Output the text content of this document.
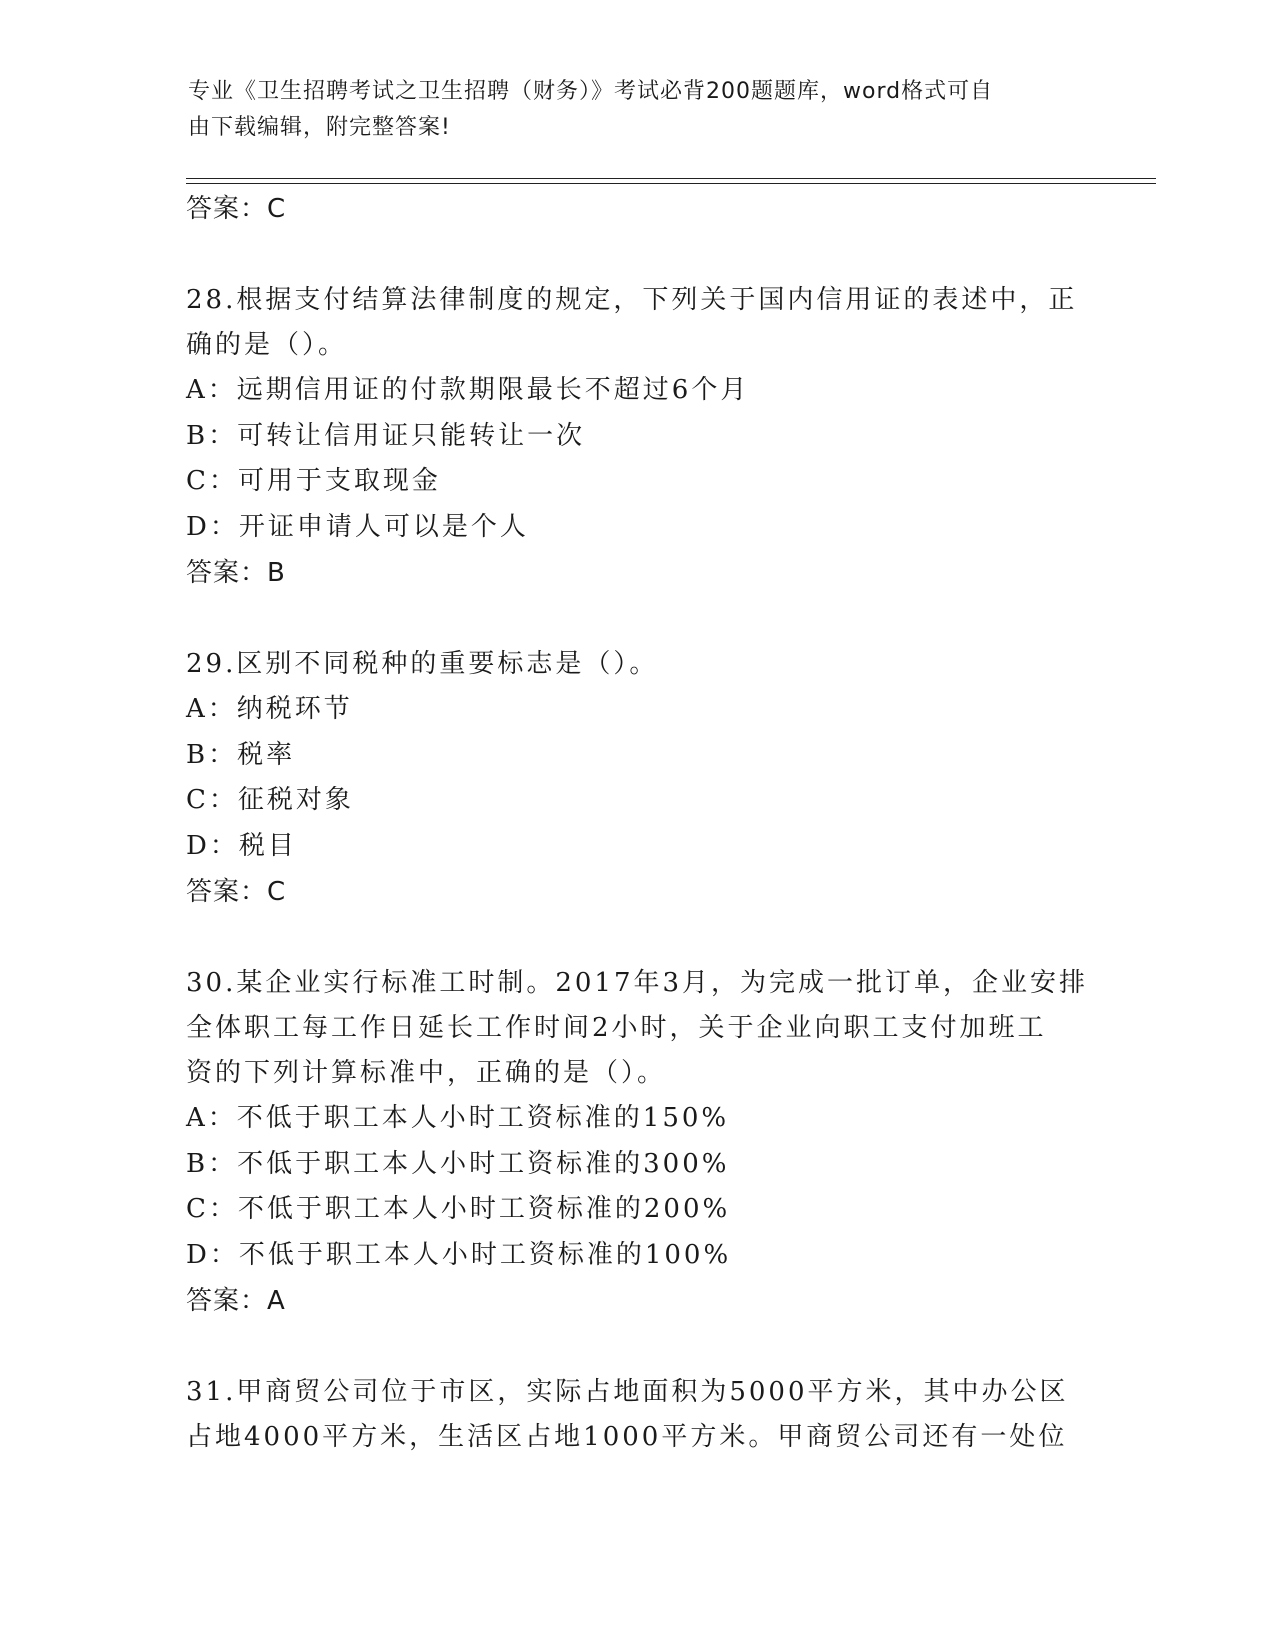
专业《卫生招聘考试之卫生招聘（财务）》考试必背200题题库，word格式可自
由下载编辑，附完整答案!
答案：C
28.根据支付结算法律制度的规定，下列关于国内信用证的表述中，正
确的是（）。
A：远期信用证的付款期限最长不超过6个月
B：可转让信用证只能转让一次
C：可用于支取现金
D：开证申请人可以是个人
答案：B
29.区别不同税种的重要标志是（）。
A：纳税环节
B：税率
C：征税对象
D：税目
答案：C
30.某企业实行标准工时制。2017年3月，为完成一批订单，企业安排
全体职工每工作日延长工作时间2小时，关于企业向职工支付加班工
资的下列计算标准中，正确的是（）。
A：不低于职工本人小时工资标准的150%
B：不低于职工本人小时工资标准的300%
C：不低于职工本人小时工资标准的200%
D：不低于职工本人小时工资标准的100%
答案：A
31.甲商贸公司位于市区，实际占地面积为5000平方米，其中办公区
占地4000平方米，生活区占地1000平方米。甲商贸公司还有一处位
